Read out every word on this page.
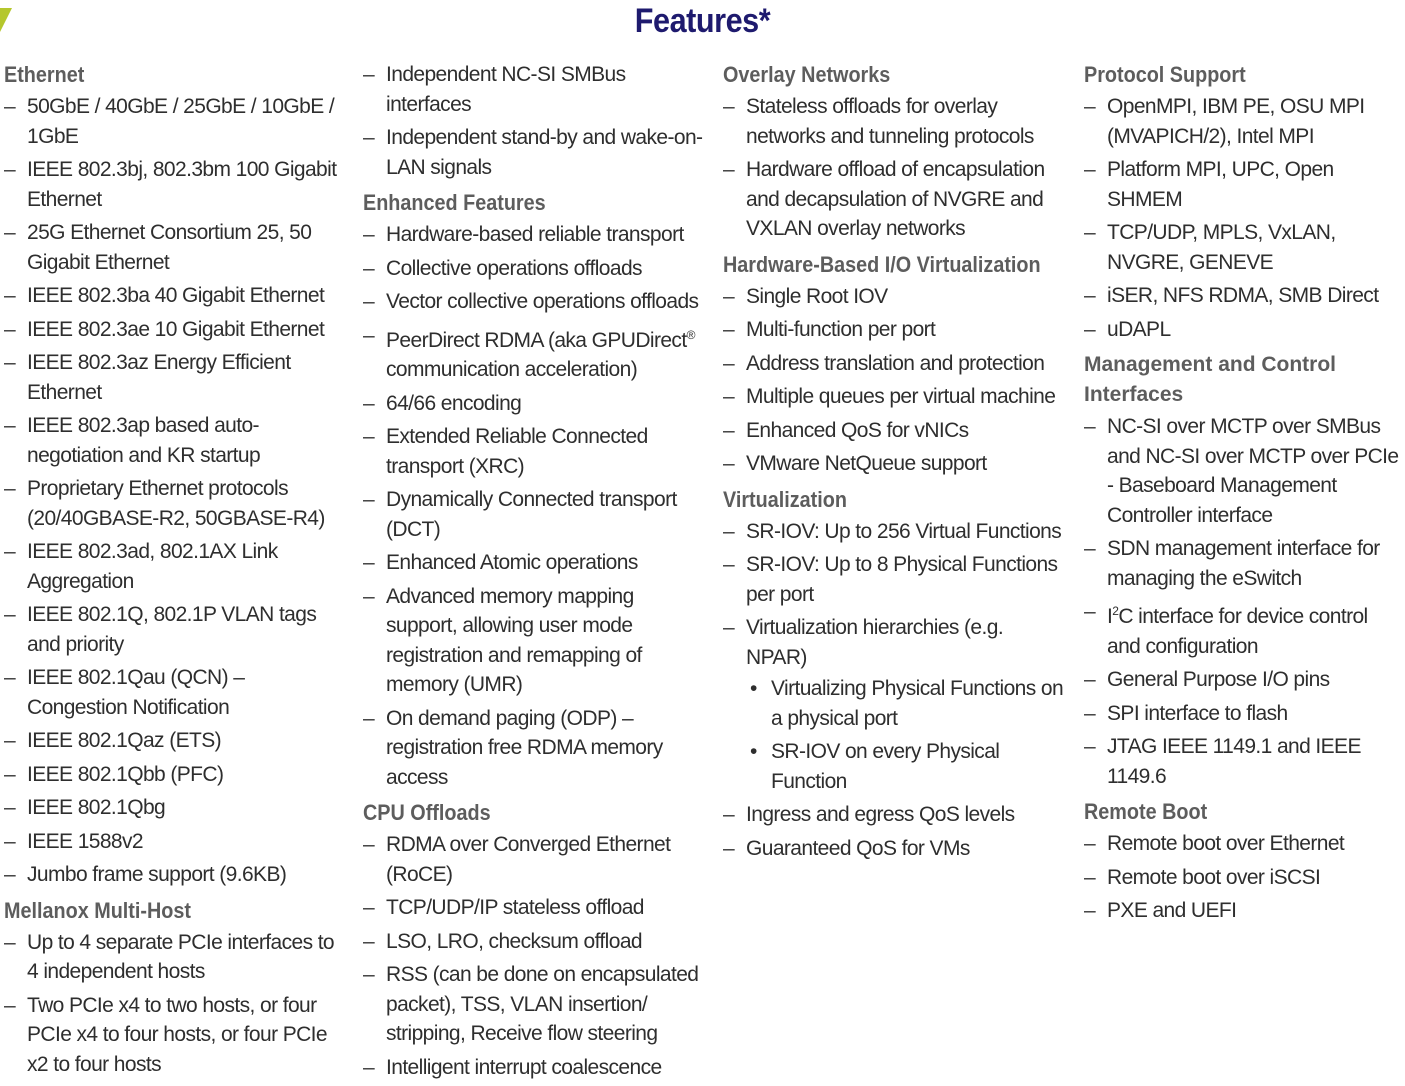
Features*
Ethernet
– 50GbE / 40GbE / 25GbE / 10GbE / 1GbE
– IEEE 802.3bj, 802.3bm 100 Gigabit Ethernet
– 25G Ethernet Consortium 25, 50 Gigabit Ethernet
– IEEE 802.3ba 40 Gigabit Ethernet
– IEEE 802.3ae 10 Gigabit Ethernet
– IEEE 802.3az Energy Efficient Ethernet
– IEEE 802.3ap based auto-negotiation and KR startup
– Proprietary Ethernet protocols (20/40GBASE-R2, 50GBASE-R4)
– IEEE 802.3ad, 802.1AX Link Aggregation
– IEEE 802.1Q, 802.1P VLAN tags and priority
– IEEE 802.1Qau (QCN) – Congestion Notification
– IEEE 802.1Qaz (ETS)
– IEEE 802.1Qbb (PFC)
– IEEE 802.1Qbg
– IEEE 1588v2
– Jumbo frame support (9.6KB)
Mellanox Multi-Host
– Up to 4 separate PCIe interfaces to 4 independent hosts
– Two PCIe x4 to two hosts, or four PCIe x4 to four hosts, or four PCIe x2 to four hosts
– Independent NC-SI SMBus interfaces
– Independent stand-by and wake-on-LAN signals
Enhanced Features
– Hardware-based reliable transport
– Collective operations offloads
– Vector collective operations offloads
– PeerDirect RDMA (aka GPUDirect® communication acceleration)
– 64/66 encoding
– Extended Reliable Connected transport (XRC)
– Dynamically Connected transport (DCT)
– Enhanced Atomic operations
– Advanced memory mapping support, allowing user mode registration and remapping of memory (UMR)
– On demand paging (ODP) – registration free RDMA memory access
CPU Offloads
– RDMA over Converged Ethernet (RoCE)
– TCP/UDP/IP stateless offload
– LSO, LRO, checksum offload
– RSS (can be done on encapsulated packet), TSS, VLAN insertion/ stripping, Receive flow steering
– Intelligent interrupt coalescence
Overlay Networks
– Stateless offloads for overlay networks and tunneling protocols
– Hardware offload of encapsulation and decapsulation of NVGRE and VXLAN overlay networks
Hardware-Based I/O Virtualization
– Single Root IOV
– Multi-function per port
– Address translation and protection
– Multiple queues per virtual machine
– Enhanced QoS for vNICs
– VMware NetQueue support
Virtualization
– SR-IOV: Up to 256 Virtual Functions
– SR-IOV: Up to 8 Physical Functions per port
– Virtualization hierarchies (e.g. NPAR)
• Virtualizing Physical Functions on a physical port
• SR-IOV on every Physical Function
– Ingress and egress QoS levels
– Guaranteed QoS for VMs
Protocol Support
– OpenMPI, IBM PE, OSU MPI (MVAPICH/2), Intel MPI
– Platform MPI, UPC, Open SHMEM
– TCP/UDP, MPLS, VxLAN, NVGRE, GENEVE
– iSER, NFS RDMA, SMB Direct
– uDAPL
Management and Control Interfaces
– NC-SI over MCTP over SMBus and NC-SI over MCTP over PCIe - Baseboard Management Controller interface
– SDN management interface for managing the eSwitch
– $I^2C$ interface for device control and configuration
– General Purpose I/O pins
– SPI interface to flash
– JTAG IEEE 1149.1 and IEEE 1149.6
Remote Boot
– Remote boot over Ethernet
– Remote boot over iSCSI
– PXE and UEFI
